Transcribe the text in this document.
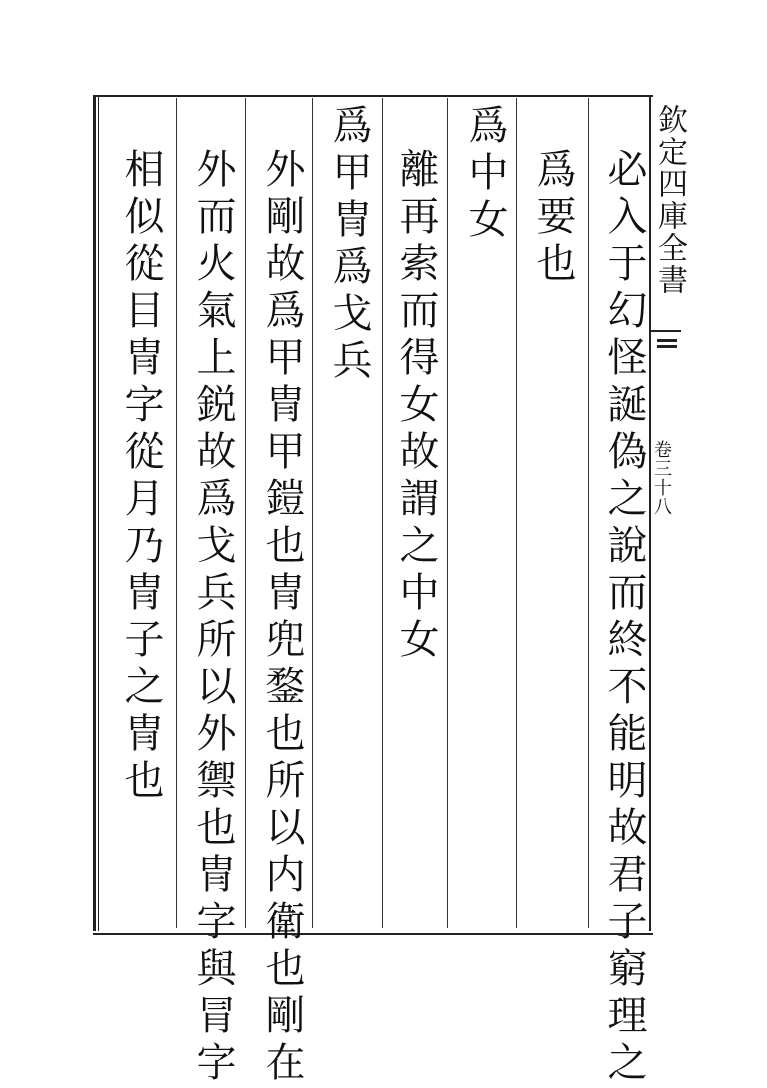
必入于幻怪誕偽之說而終不能明故君子窮理之
爲要也
爲中女
離再索而得女故謂之中女
爲甲冑爲戈兵
外剛故爲甲冑甲鎧也冑兜鍪也所以内衛也剛在
外而火氣上鋭故爲戈兵所以外禦也冑字與冐字
相似從目冑字從月乃冑子之冑也	欽定四庫全書
卷三十八
